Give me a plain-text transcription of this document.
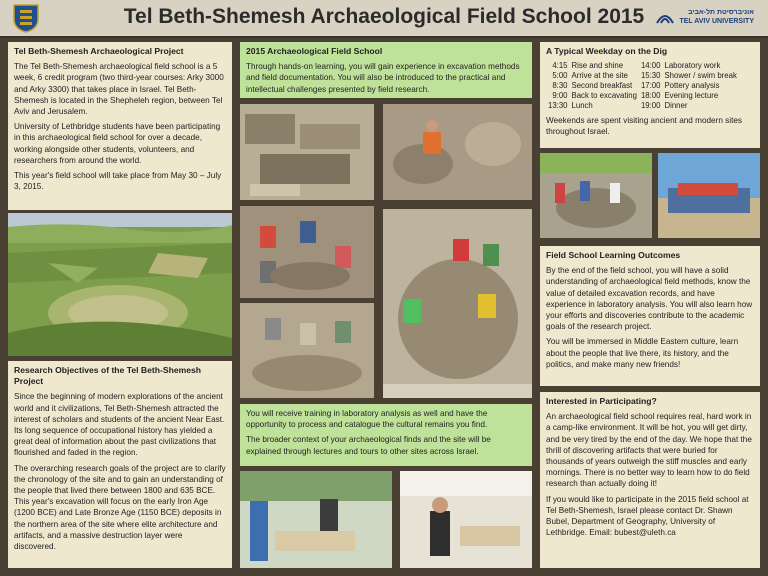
Tel Beth-Shemesh Archaeological Field School 2015	אוניברסיטת תל-אביב
TEL AVIV UNIVERSITY
Tel Beth-Shemesh Archaeological Project

The Tel Beth-Shemesh archaeological field school is a 5 week, 6 credit program (two third-year courses: Arky 3000 and Arky 3300) that takes place in Israel. Tel Beth-Shemesh is located in the Shepheleh region, between Tel Aviv and Jerusalem.

University of Lethbridge students have been participating in this archaeological field school for over a decade, working alongside other students, volunteers, and researchers from around the world.

This year's field school will take place from May 30 – July 3, 2015.

Research Objectives of the Tel Beth-Shemesh Project

Since the beginning of modern explorations of the ancient world and it civilizations, Tel Beth-Shemesh attracted the interest of scholars and students of the ancient Near East. Its long sequence of occupational history has yielded a great deal of information about the past civilizations that flourished and faded in the region.

The overarching research goals of the project are to clarify the chronology of the site and to gain an understanding of the people that lived there between 1800 and 635 BCE. This year's excavation will focus on the early Iron Age (1200 BCE) and Late Bronze Age (1150 BCE) deposits in the northern area of the site where elite architecture and artifacts, and a massive destruction layer were discovered.

2015 Archaeological Field School

Through hands-on learning, you will gain experience in excavation methods and field documentation. You will also be introduced to the practical and intellectual challenges presented by field research.

You will receive training in laboratory analysis as well and have the opportunity to process and catalogue the cultural remains you find.

The broader context of your archaeological finds and the site will be explained through lectures and tours to other sites across Israel.

A Typical Weekday on the Dig
4:15	Rise and shine	14:00	Laboratory work
5:00	Arrive at the site	15:30	Shower / swim break
8:30	Second breakfast	17:00	Pottery analysis
9:00	Back to excavating	18:00	Evening lecture
13:30	Lunch	19:00	Dinner

Weekends are spent visiting ancient and modern sites throughout Israel.

Field School Learning Outcomes

By the end of the field school, you will have a solid understanding of archaeological field methods, know the value of detailed excavation records, and have experience in laboratory analysis. You will also learn how your efforts and discoveries contribute to the academic goals of the research project.

You will be immersed in Middle Eastern culture, learn about the people that live there, its history, and the politics, and make many new friends!

Interested in Participating?

An archaeological field school requires real, hard work in a camp-like environment. It will be hot, you will get dirty, and be very tired by the end of the day. We hope that the thrill of discovering artifacts that were buried for thousands of years outweigh the stiff muscles and early mornings. There is no better way to learn how to do field research than actually doing it!

If you would like to participate in the 2015 field school at Tel Beth-Shemesh, Israel please contact Dr. Shawn Bubel, Department of Geography, University of Lethbridge. Email: bubest@uleth.ca
